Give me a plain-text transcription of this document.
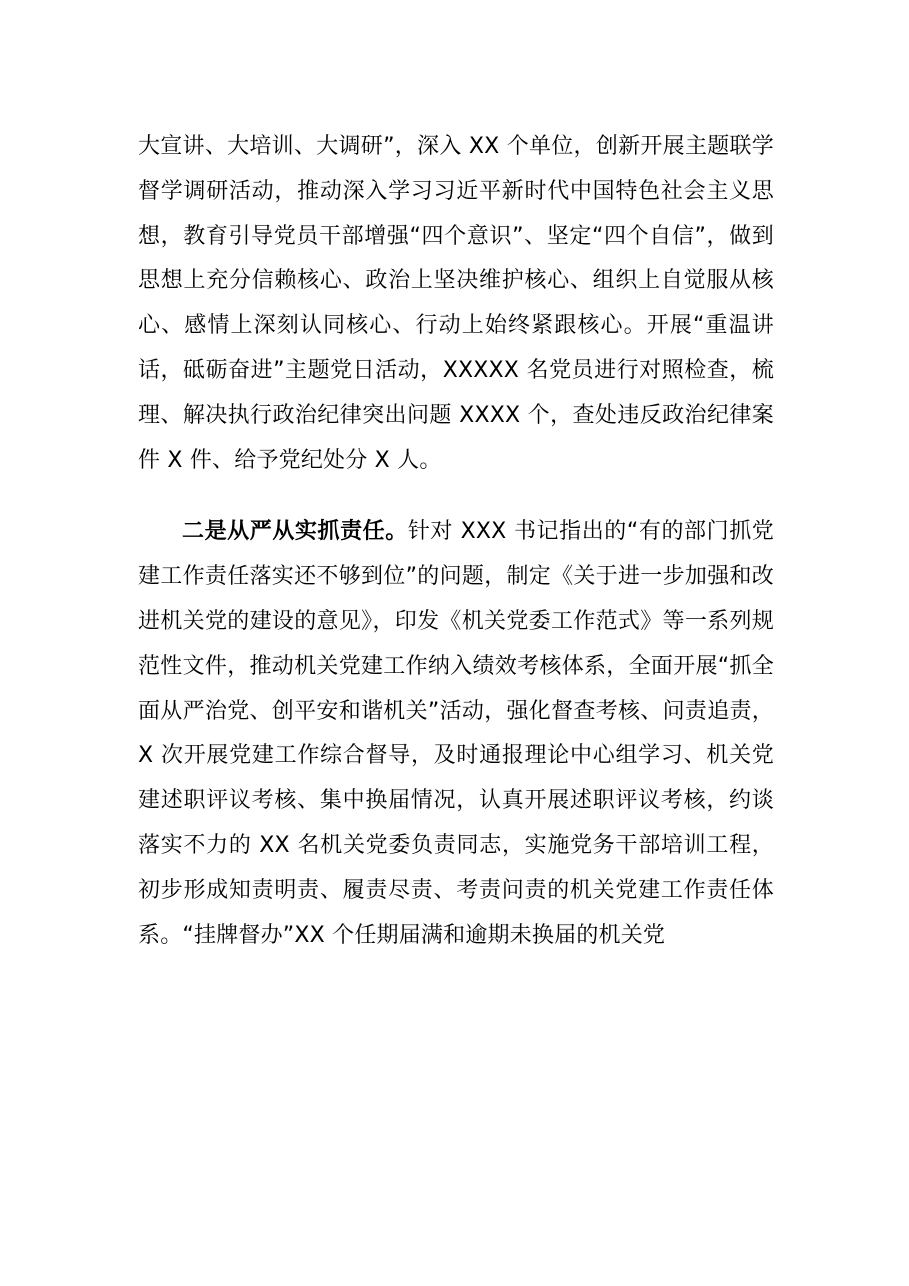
大宣讲、大培训、大调研”，深入 XX 个单位，创新开展主题联学督学调研活动，推动深入学习习近平新时代中国特色社会主义思想，教育引导党员干部增强“四个意识”、坚定“四个自信”，做到思想上充分信赖核心、政治上坚决维护核心、组织上自觉服从核心、感情上深刻认同核心、行动上始终紧跟核心。开展“重温讲话，砥砺奋进”主题党日活动，XXXXX 名党员进行对照检查，梳理、解决执行政治纪律突出问题 XXXX 个，查处违反政治纪律案件 X 件、给予党纪处分 X 人。

二是从严从实抓责任。针对 XXX 书记指出的“有的部门抓党建工作责任落实还不够到位”的问题，制定《关于进一步加强和改进机关党的建设的意见》，印发《机关党委工作范式》等一系列规范性文件，推动机关党建工作纳入绩效考核体系，全面开展“抓全面从严治党、创平安和谐机关”活动，强化督查考核、问责追责，X 次开展党建工作综合督导，及时通报理论中心组学习、机关党建述职评议考核、集中换届情况，认真开展述职评议考核，约谈落实不力的 XX 名机关党委负责同志，实施党务干部培训工程，初步形成知责明责、履责尽责、考责问责的机关党建工作责任体系。“挂牌督办”XX 个任期届满和逾期未换届的机关党
